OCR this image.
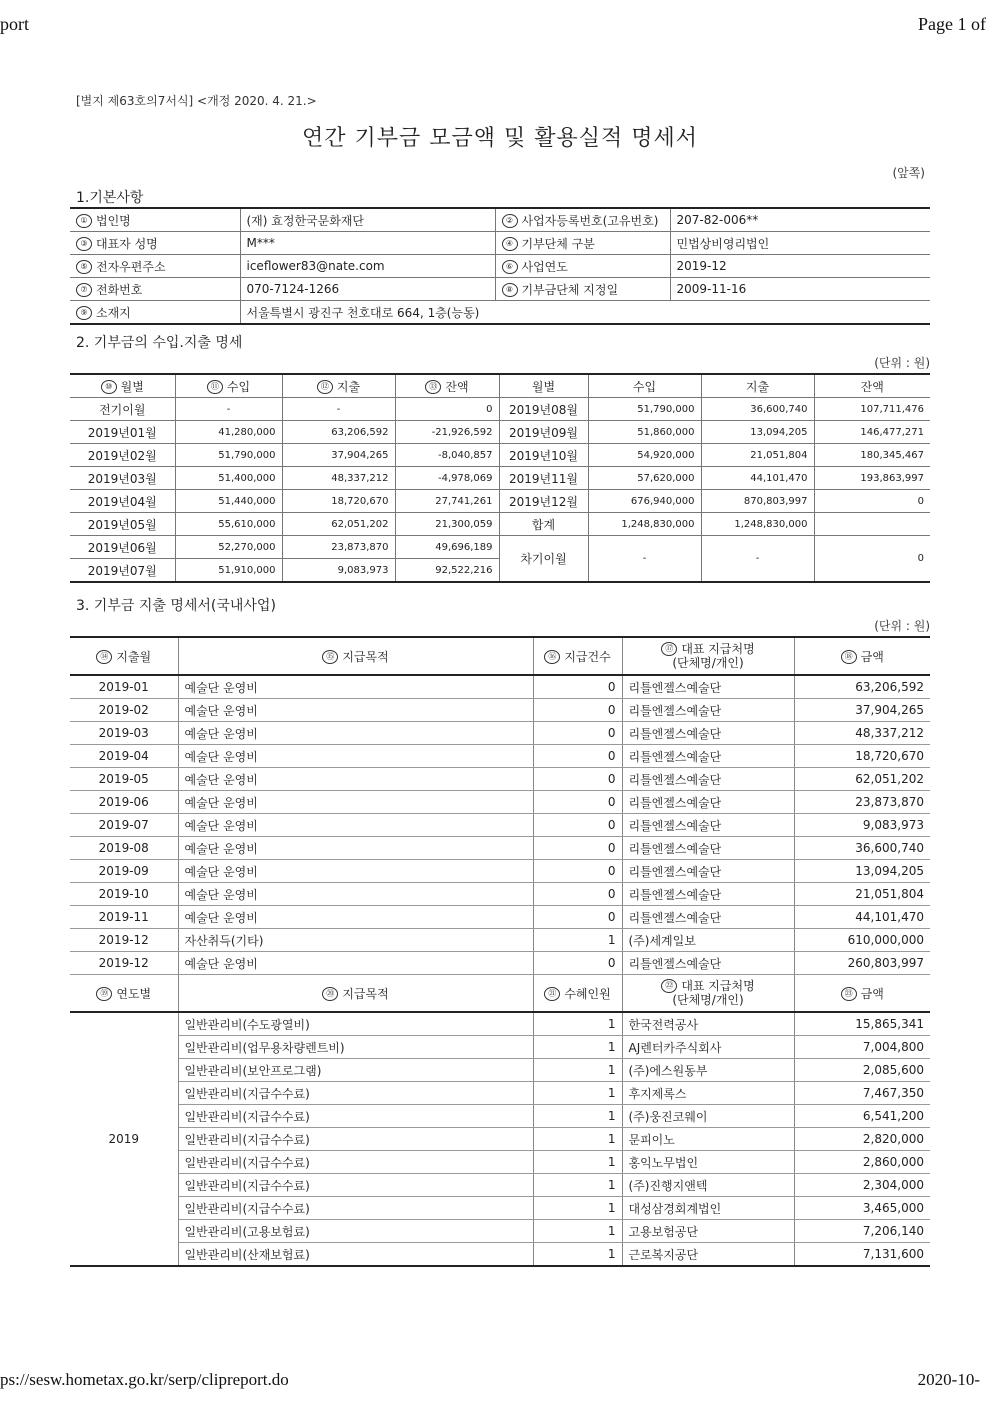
port	Page 1 of
[별지 제63호의7서식] <개정 2020. 4. 21.>
연간 기부금 모금액 및 활용실적 명세서
(앞쪽)
1.기본사항
① 법인명	(재) 효정한국문화재단	② 사업자등록번호(고유번호)	207-82-006**
③ 대표자 성명	M***	④ 기부단체 구분	민법상비영리법인
⑤ 전자우편주소	iceflower83@nate.com	⑥ 사업연도	2019-12
⑦ 전화번호	070-7124-1266	⑧ 기부금단체 지정일	2009-11-16
⑨ 소재지	서울특별시 광진구 천호대로 664, 1층(능동)		
2. 기부금의 수입.지출 명세
(단위 : 원)
⑩ 월별	⑪ 수입	⑫ 지출	⑬ 잔액	월별	수입	지출	잔액
전기이월	-	-	0	2019년08월	51,790,000	36,600,740	107,711,476
2019년01월	41,280,000	63,206,592	-21,926,592	2019년09월	51,860,000	13,094,205	146,477,271
2019년02월	51,790,000	37,904,265	-8,040,857	2019년10월	54,920,000	21,051,804	180,345,467
2019년03월	51,400,000	48,337,212	-4,978,069	2019년11월	57,620,000	44,101,470	193,863,997
2019년04월	51,440,000	18,720,670	27,741,261	2019년12월	676,940,000	870,803,997	0
2019년05월	55,610,000	62,051,202	21,300,059	합계	1,248,830,000	1,248,830,000	
2019년06월	52,270,000	23,873,870	49,696,189	차기이월	-	-	0
2019년07월	51,910,000	9,083,973	92,522,216				
3. 기부금 지출 명세서(국내사업)
(단위 : 원)
⑭ 지출월	⑮ 지급목적	⑯ 지급건수	⑰ 대표 지급처명
(단체명/개인)	⑱ 금액
2019-01	예술단 운영비	0	리틀엔젤스예술단	63,206,592
2019-02	예술단 운영비	0	리틀엔젤스예술단	37,904,265
2019-03	예술단 운영비	0	리틀엔젤스예술단	48,337,212
2019-04	예술단 운영비	0	리틀엔젤스예술단	18,720,670
2019-05	예술단 운영비	0	리틀엔젤스예술단	62,051,202
2019-06	예술단 운영비	0	리틀엔젤스예술단	23,873,870
2019-07	예술단 운영비	0	리틀엔젤스예술단	9,083,973
2019-08	예술단 운영비	0	리틀엔젤스예술단	36,600,740
2019-09	예술단 운영비	0	리틀엔젤스예술단	13,094,205
2019-10	예술단 운영비	0	리틀엔젤스예술단	21,051,804
2019-11	예술단 운영비	0	리틀엔젤스예술단	44,101,470
2019-12	자산취득(기타)	1	(주)세계일보	610,000,000
2019-12	예술단 운영비	0	리틀엔젤스예술단	260,803,997
⑲ 연도별	⑳ 지급목적	㉑ 수혜인원	㉒ 대표 지급처명
(단체명/개인)	㉓ 금액
2019	일반관리비(수도광열비)	1	한국전력공사	15,865,341
	일반관리비(업무용차량렌트비)	1	AJ렌터카주식회사	7,004,800
	일반관리비(보안프로그램)	1	(주)에스원동부	2,085,600
	일반관리비(지급수수료)	1	후지제록스	7,467,350
	일반관리비(지급수수료)	1	(주)웅진코웨이	6,541,200
	일반관리비(지급수수료)	1	문피이노	2,820,000
	일반관리비(지급수수료)	1	홍익노무법인	2,860,000
	일반관리비(지급수수료)	1	(주)진행지앤텍	2,304,000
	일반관리비(지급수수료)	1	대성삼경회계법인	3,465,000
	일반관리비(고용보험료)	1	고용보험공단	7,206,140
	일반관리비(산재보험료)	1	근로복지공단	7,131,600
ps://sesw.hometax.go.kr/serp/clipreport.do	2020-10-
